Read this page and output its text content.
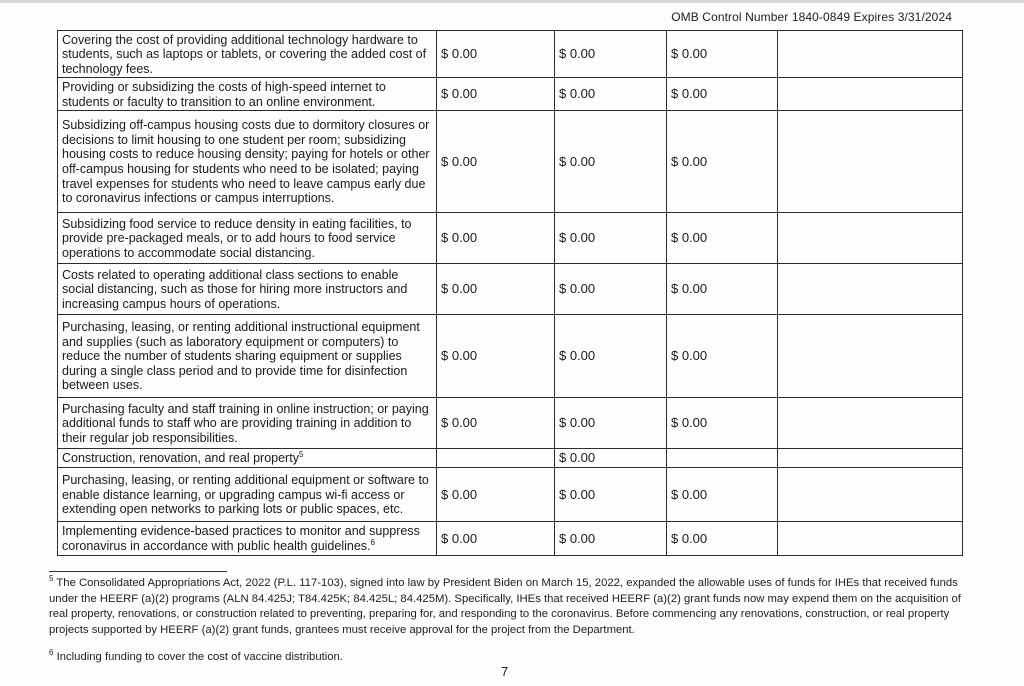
OMB Control Number 1840-0849 Expires 3/31/2024
Covering the cost of providing additional technology hardware to students, such as laptops or tablets, or covering the added cost of technology fees.	$ 0.00	$ 0.00	$ 0.00	
Providing or subsidizing the costs of high-speed internet to students or faculty to transition to an online environment.	$ 0.00	$ 0.00	$ 0.00	
Subsidizing off-campus housing costs due to dormitory closures or decisions to limit housing to one student per room; subsidizing housing costs to reduce housing density; paying for hotels or other off-campus housing for students who need to be isolated; paying travel expenses for students who need to leave campus early due to coronavirus infections or campus interruptions.	$ 0.00	$ 0.00	$ 0.00	
Subsidizing food service to reduce density in eating facilities, to provide pre-packaged meals, or to add hours to food service operations to accommodate social distancing.	$ 0.00	$ 0.00	$ 0.00	
Costs related to operating additional class sections to enable social distancing, such as those for hiring more instructors and increasing campus hours of operations.	$ 0.00	$ 0.00	$ 0.00	
Purchasing, leasing, or renting additional instructional equipment and supplies (such as laboratory equipment or computers) to reduce the number of students sharing equipment or supplies during a single class period and to provide time for disinfection between uses.	$ 0.00	$ 0.00	$ 0.00	
Purchasing faculty and staff training in online instruction; or paying additional funds to staff who are providing training in addition to their regular job responsibilities.	$ 0.00	$ 0.00	$ 0.00	
Construction, renovation, and real property$^5$		$ 0.00		
Purchasing, leasing, or renting additional equipment or software to enable distance learning, or upgrading campus wi-fi access or extending open networks to parking lots or public spaces, etc.	$ 0.00	$ 0.00	$ 0.00	
Implementing evidence-based practices to monitor and suppress coronavirus in accordance with public health guidelines.$^6$	$ 0.00	$ 0.00	$ 0.00	
$^5$ The Consolidated Appropriations Act, 2022 (P.L. 117-103), signed into law by President Biden on March 15, 2022, expanded the allowable uses of funds for IHEs that received funds under the HEERF (a)(2) programs (ALN 84.425J; T84.425K; 84.425L; 84.425M). Specifically, IHEs that received HEERF (a)(2) grant funds now may expend them on the acquisition of real property, renovations, or construction related to preventing, preparing for, and responding to the coronavirus. Before commencing any renovations, construction, or real property projects supported by HEERF (a)(2) grant funds, grantees must receive approval for the project from the Department.
$^6$ Including funding to cover the cost of vaccine distribution.
7
